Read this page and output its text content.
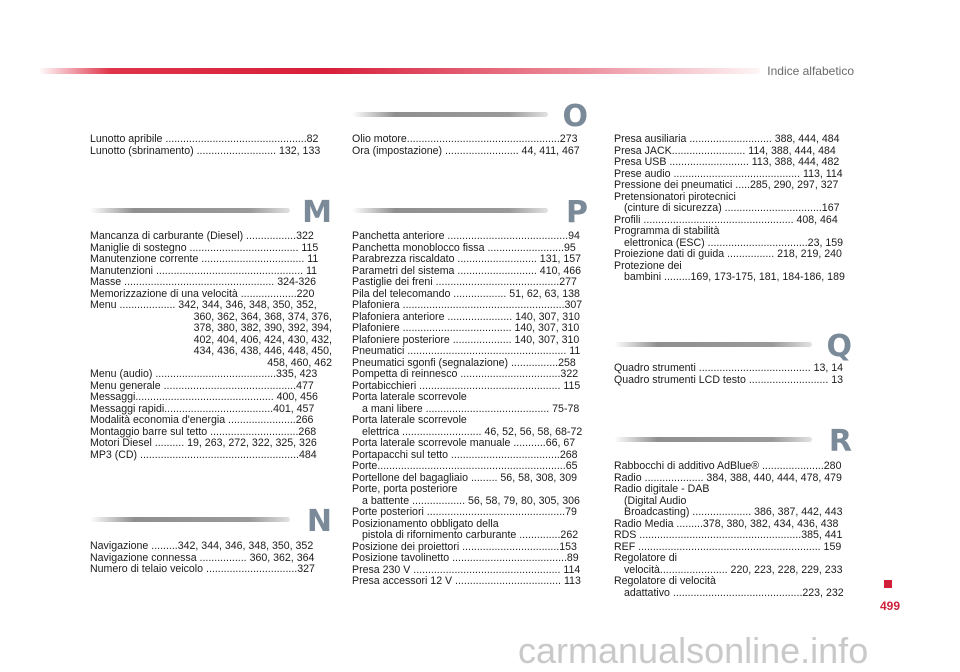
Indice alfabetico
Lunotto apribile ................................................82
Lunotto (sbrinamento) ........................... 132, 133
M
Mancanza di carburante (Diesel) .................322
Maniglie di sostegno ..................................... 115
Manutenzione corrente ................................... 11
Manutenzioni .................................................. 11
Masse ................................................... 324-326
Memorizzazione di una velocità ...................220
Menu ................... 342, 344, 346, 348, 350, 352,
360, 362, 364, 368, 374, 376,
378, 380, 382, 390, 392, 394,
402, 404, 406, 424, 430, 432,
434, 436, 438, 446, 448, 450,
458, 460, 462
Menu (audio) .........................................335, 423
Menu generale .............................................477
Messaggi............................................... 400, 456
Messaggi rapidi.....................................401, 457
Modalità economia d'energia .......................266
Montaggio barre sul tetto ..............................268
Motori Diesel .......... 19, 263, 272, 322, 325, 326
MP3 (CD) ......................................................484
N
Navigazione .........342, 344, 346, 348, 350, 352
Navigazione connessa ................ 360, 362, 364
Numero di telaio veicolo ...............................327
O
Olio motore....................................................273
Ora (impostazione) ......................... 44, 411, 467
P
Panchetta anteriore .........................................94
Panchetta monoblocco fissa ..........................95
Parabrezza riscaldato ........................... 131, 157
Parametri del sistema ........................... 410, 466
Pastiglie dei freni ..........................................277
Pila del telecomando .................. 51, 62, 63, 138
Plafoniera .......................................................307
Plafoniera anteriore ...................... 140, 307, 310
Plafoniere ..................................... 140, 307, 310
Plafoniere posteriore .................... 140, 307, 310
Pneumatici ...................................................... 11
Pneumatici sgonfi (segnalazione) ................258
Pompetta di reinnesco ..................................322
Portabicchieri ................................................ 115
Porta laterale scorrevole
a mani libere .......................................... 75-78
Porta laterale scorrevole
elettrica ........................... 46, 52, 56, 58, 68-72
Porta laterale scorrevole manuale ...........66, 67
Portapacchi sul tetto .....................................268
Porte................................................................65
Portellone del bagagliaio ......... 56, 58, 308, 309
Porte, porta posteriore
a battente .................. 56, 58, 79, 80, 305, 306
Porte posteriori ...............................................79
Posizionamento obbligato della
pistola di rifornimento carburante ..............262
Posizione dei proiettori .................................153
Posizione tavolinetto .......................................89
Presa 230 V .................................................. 114
Presa accessori 12 V .................................... 113
Presa ausiliaria ............................ 388, 444, 484
Presa JACK......................... 114, 388, 444, 484
Presa USB ........................... 113, 388, 444, 482
Prese audio ........................................... 113, 114
Pressione dei pneumatici .....285, 290, 297, 327
Pretensionatori pirotecnici
(cinture di sicurezza) .................................167
Profili ................................................... 408, 464
Programma di stabilità
elettronica (ESC) ..................................23, 159
Proiezione dati di guida ................ 218, 219, 240
Protezione dei
bambini .........169, 173-175, 181, 184-186, 189
Q
Quadro strumenti ...................................... 13, 14
Quadro strumenti LCD testo ........................... 13
R
Rabbocchi di additivo AdBlue® .....................280
Radio .................... 384, 388, 440, 444, 478, 479
Radio digitale - DAB
(Digital Audio
Broadcasting) .................... 386, 387, 442, 443
Radio Media .........378, 380, 382, 434, 436, 438
RDS .......................................................385, 441
REF .............................................................. 159
Regolatore di
velocità....................... 220, 223, 228, 229, 233
Regolatore di velocità
adattativo ............................................223, 232
499
carmanualsonline.info
